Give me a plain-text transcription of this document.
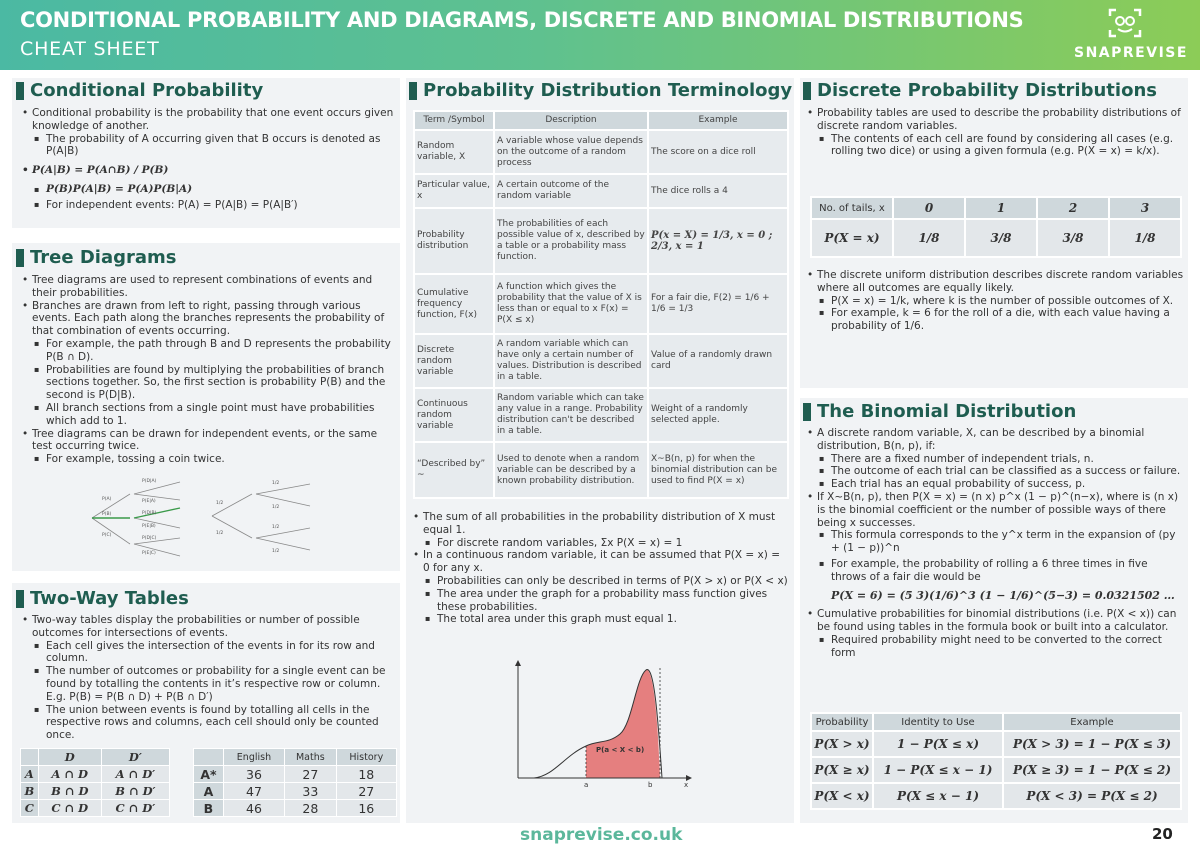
CONDITIONAL PROBABILITY AND DIAGRAMS, DISCRETE AND BINOMIAL DISTRIBUTIONS
CHEAT SHEET	SNAPREVISE
Conditional Probability
• Conditional probability is the probability that one event occurs given knowledge of another.
▪ The probability of A occurring given that B occurs is denoted as P(A|B)
• P(A|B) = P(A∩B) / P(B)
▪ P(B)P(A|B) = P(A)P(B|A)
▪ For independent events: P(A) = P(A|B) = P(A|B′)
Tree Diagrams
• Tree diagrams are used to represent combinations of events and their probabilities.
• Branches are drawn from left to right, passing through various events. Each path along the branches represents the probability of that combination of events occurring.
▪ For example, the path through B and D represents the probability P(B ∩ D).
▪ Probabilities are found by multiplying the probabilities of branch sections together. So, the first section is probability P(B) and the second is P(D|B).
▪ All branch sections from a single point must have probabilities which add to 1.
• Tree diagrams can be drawn for independent events, or the same test occurring twice.
▪ For example, tossing a coin twice.
P(A)
P(B)
P(C)
P(D|A)
P(E|A)
P(D|B)
P(E|B)
P(D|C)
P(E|C)
1/2
1/2
1/2
1/2
1/2
1/2
Two-Way Tables
• Two-way tables display the probabilities or number of possible outcomes for intersections of events.
▪ Each cell gives the intersection of the events in for its row and column.
▪ The number of outcomes or probability for a single event can be found by totalling the contents in it’s respective row or column. E.g. P(B) = P(B ∩ D) + P(B ∩ D′)
▪ The union between events is found by totalling all cells in the respective rows and columns, each cell should only be counted once.
	D	D′
A	A ∩ D	A ∩ D′
B	B ∩ D	B ∩ D′
C	C ∩ D	C ∩ D′
	English	Maths	History
A*	36	27	18
A	47	33	27
B	46	28	16
Probability Distribution Terminology
Term /Symbol	Description	Example
Random variable, X	A variable whose value depends on the outcome of a random process	The score on a dice roll
Particular value, x	A certain outcome of the random variable	The dice rolls a 4
Probability distribution	The probabilities of each possible value of x, described by a table or a probability mass function.	P(x = X) = 1/3, x = 0 ; 2/3, x = 1
Cumulative frequency function, F(x)	A function which gives the probability that the value of X is less than or equal to x F(x) = P(X ≤ x)	For a fair die, F(2) = 1/6 + 1/6 = 1/3
Discrete random variable	A random variable which can have only a certain number of values. Distribution is described in a table.	Value of a randomly drawn card
Continuous random variable	Random variable which can take any value in a range. Probability distribution can't be described in a table.	Weight of a randomly selected apple.
“Described by” ~	Used to denote when a random variable can be described by a known probability distribution.	X~B(n, p) for when the binomial distribution can be used to find P(X = x)
• The sum of all probabilities in the probability distribution of X must equal 1.
▪ For discrete random variables, Σx P(X = x) = 1
• In a continuous random variable, it can be assumed that P(X = x) = 0 for any x.
▪ Probabilities can only be described in terms of P(X > x) or P(X < x)
▪ The area under the graph for a probability mass function gives these probabilities.
▪ The total area under this graph must equal 1.
P(a < X < b)
a	b	x
Discrete Probability Distributions
• Probability tables are used to describe the probability distributions of discrete random variables.
▪ The contents of each cell are found by considering all cases (e.g. rolling two dice) or using a given formula (e.g. P(X = x) = k/x).
No. of tails, x	0	1	2	3
P(X = x)	1/8	3/8	3/8	1/8
• The discrete uniform distribution describes discrete random variables where all outcomes are equally likely.
▪ P(X = x) = 1/k, where k is the number of possible outcomes of X.
▪ For example, k = 6 for the roll of a die, with each value having a probability of 1/6.
The Binomial Distribution
• A discrete random variable, X, can be described by a binomial distribution, B(n, p), if:
▪ There are a fixed number of independent trials, n.
▪ The outcome of each trial can be classified as a success or failure.
▪ Each trial has an equal probability of success, p.
• If X~B(n, p), then P(X = x) = (n x) p^x (1 − p)^(n−x), where is (n x) is the binomial coefficient or the number of possible ways of there being x successes.
▪ This formula corresponds to the y^x term in the expansion of (py + (1 − p))^n
▪ For example, the probability of rolling a 6 three times in five throws of a fair die would be
P(X = 6) = (5 3)(1/6)^3 (1 − 1/6)^(5−3) = 0.0321502 …
• Cumulative probabilities for binomial distributions (i.e. P(X < x)) can be found using tables in the formula book or built into a calculator.
▪ Required probability might need to be converted to the correct form
Probability	Identity to Use	Example
P(X > x)	1 − P(X ≤ x)	P(X > 3) = 1 − P(X ≤ 3)
P(X ≥ x)	1 − P(X ≤ x − 1)	P(X ≥ 3) = 1 − P(X ≤ 2)
P(X < x)	P(X ≤ x − 1)	P(X < 3) = P(X ≤ 2)
snaprevise.co.uk	20
